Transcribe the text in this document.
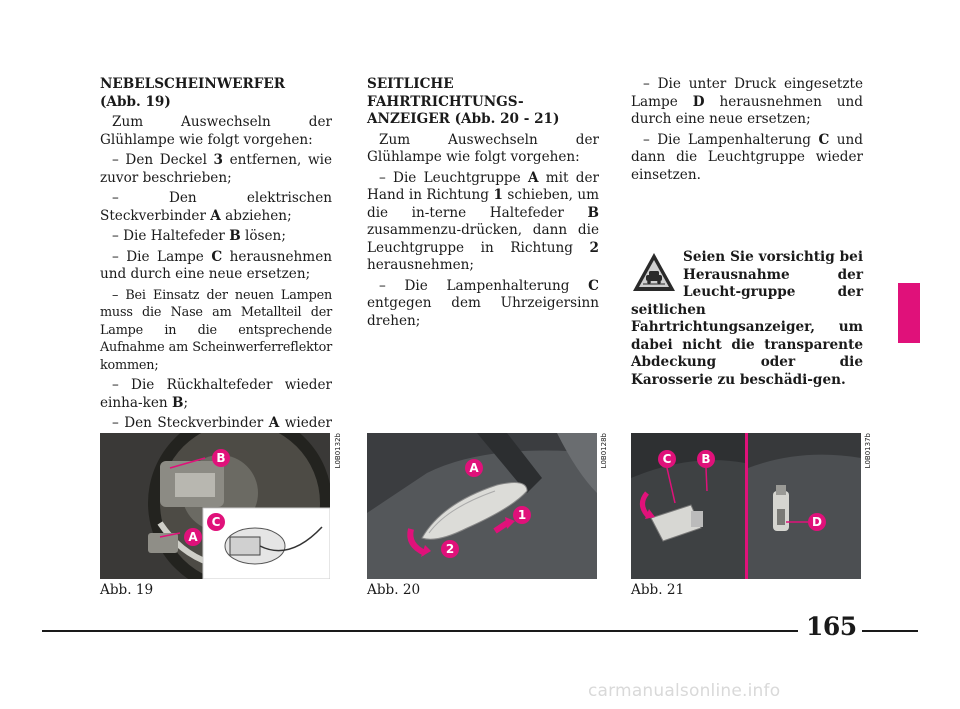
NEBELSCHEINWERFER
(Abb. 19)

Zum Auswechseln der Glühlampe wie folgt vorgehen:

– Den Deckel 3 entfernen, wie zuvor beschrieben;

– Den elektrischen Steckverbinder A abziehen;

– Die Haltefeder B lösen;

– Die Lampe C herausnehmen und durch eine neue ersetzen;

– Bei Einsatz der neuen Lampen muss die Nase am Metallteil der Lampe in die entsprechende Aufnahme am Scheinwerferreflektor kommen;

– Die Rückhaltefeder wieder einha-ken B;

– Den Steckverbinder A wieder

SEITLICHE FAHRTRICHTUNGS-
ANZEIGER (Abb. 20 - 21)

Zum Auswechseln der Glühlampe wie folgt vorgehen:

– Die Leuchtgruppe A mit der Hand in Richtung 1 schieben, um die in-terne Haltefeder B zusammenzu-drücken, dann die Leuchtgruppe in Richtung 2 herausnehmen;

– Die Lampenhalterung C entgegen dem Uhrzeigersinn drehen;

– Die unter Druck eingesetzte Lampe D herausnehmen und durch eine neue ersetzen;

– Die Lampenhalterung C und dann die Leuchtgruppe wieder einsetzen.

Seien Sie vorsichtig bei Herausnahme der Leucht-gruppe der seitlichen Fahrtrichtungsanzeiger, um dabei nicht die transparente Abdeckung oder die Karosserie zu beschädi-gen.
B
C
A
L0B0132b
Abb. 19
A
1
2
L0B0128b
Abb. 20
C	B
D
L0B0137b
Abb. 21
165
carmanualsonline.info
